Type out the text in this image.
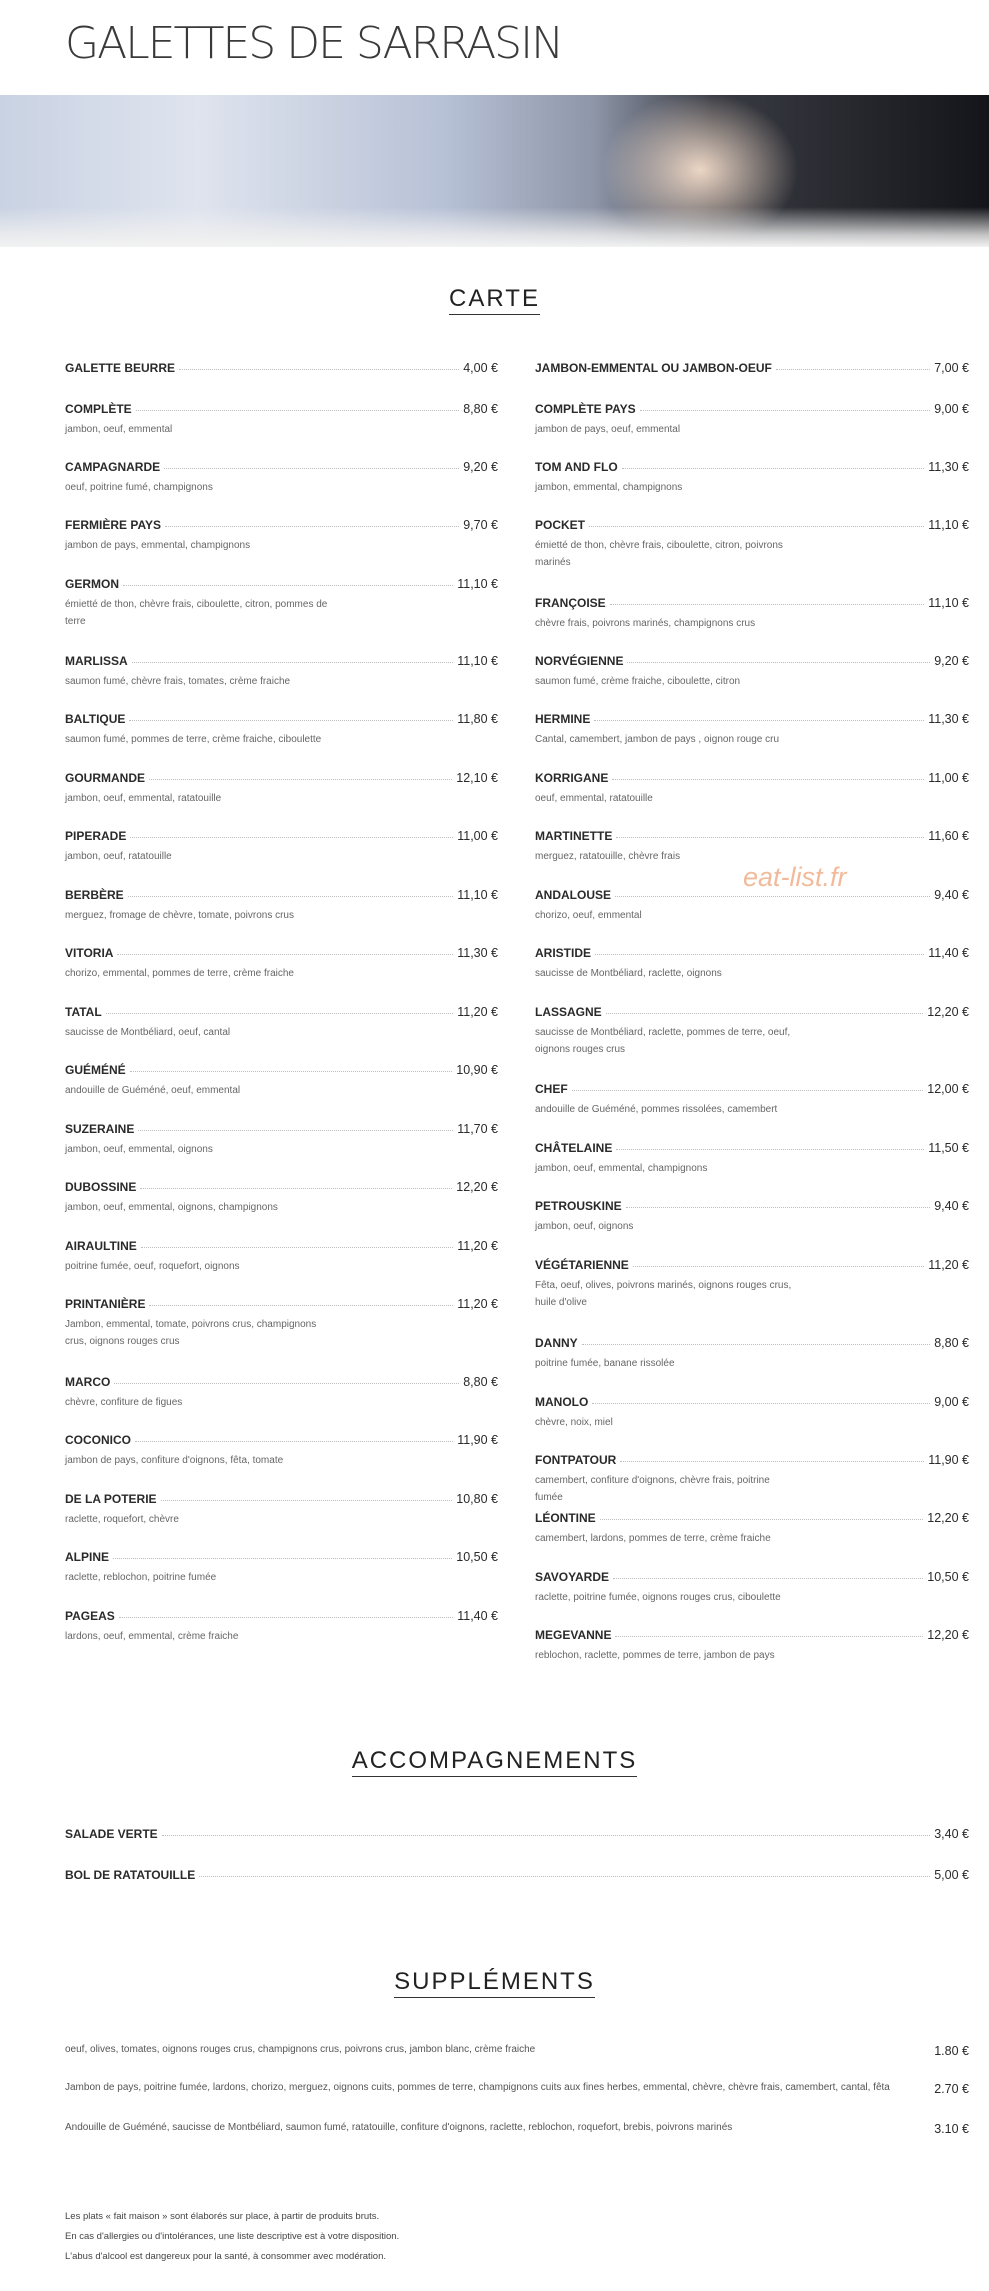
GALETTES DE SARRASIN
CARTE
GALETTE BEURRE	4,00 €
COMPLÈTE	8,80 €
jambon, oeuf, emmental
CAMPAGNARDE	9,20 €
oeuf, poitrine fumé, champignons
FERMIÈRE PAYS	9,70 €
jambon de pays, emmental, champignons
GERMON	11,10 €
émietté de thon, chèvre frais, ciboulette, citron, pommes de terre
MARLISSA	11,10 €
saumon fumé, chèvre frais, tomates, crème fraiche
BALTIQUE	11,80 €
saumon fumé, pommes de terre, crème fraiche, ciboulette
GOURMANDE	12,10 €
jambon, oeuf, emmental, ratatouille
PIPERADE	11,00 €
jambon, oeuf, ratatouille
BERBÈRE	11,10 €
merguez, fromage de chèvre, tomate, poivrons crus
VITORIA	11,30 €
chorizo, emmental, pommes de terre, crème fraiche
TATAL	11,20 €
saucisse de Montbéliard, oeuf, cantal
GUÉMÉNÉ	10,90 €
andouille de Guéméné, oeuf, emmental
SUZERAINE	11,70 €
jambon, oeuf, emmental, oignons
DUBOSSINE	12,20 €
jambon, oeuf, emmental, oignons, champignons
AIRAULTINE	11,20 €
poitrine fumée, oeuf, roquefort, oignons
PRINTANIÈRE	11,20 €
Jambon, emmental, tomate, poivrons crus, champignons crus, oignons rouges crus
MARCO	8,80 €
chèvre, confiture de figues
COCONICO	11,90 €
jambon de pays, confiture d'oignons, fêta, tomate
DE LA POTERIE	10,80 €
raclette, roquefort, chèvre
ALPINE	10,50 €
raclette, reblochon, poitrine fumée
PAGEAS	11,40 €
lardons, oeuf, emmental, crème fraiche
JAMBON-EMMENTAL OU JAMBON-OEUF	7,00 €
COMPLÈTE PAYS	9,00 €
jambon de pays, oeuf, emmental
TOM AND FLO	11,30 €
jambon, emmental, champignons
POCKET	11,10 €
émietté de thon, chèvre frais, ciboulette, citron, poivrons marinés
FRANÇOISE	11,10 €
chèvre frais, poivrons marinés, champignons crus
NORVÉGIENNE	9,20 €
saumon fumé, crème fraiche, ciboulette, citron
HERMINE	11,30 €
Cantal, camembert, jambon de pays , oignon rouge cru
KORRIGANE	11,00 €
oeuf, emmental, ratatouille
MARTINETTE	11,60 €
merguez, ratatouille, chèvre frais
ANDALOUSE	9,40 €
chorizo, oeuf, emmental
ARISTIDE	11,40 €
saucisse de Montbéliard, raclette, oignons
LASSAGNE	12,20 €
saucisse de Montbéliard, raclette, pommes de terre, oeuf, oignons rouges crus
CHEF	12,00 €
andouille de Guéméné, pommes rissolées, camembert
CHÂTELAINE	11,50 €
jambon, oeuf, emmental, champignons
PETROUSKINE	9,40 €
jambon, oeuf, oignons
VÉGÉTARIENNE	11,20 €
Fêta, oeuf, olives, poivrons marinés, oignons rouges crus, huile d'olive
DANNY	8,80 €
poitrine fumée, banane rissolée
MANOLO	9,00 €
chèvre, noix, miel
FONTPATOUR	11,90 €
camembert, confiture d'oignons, chèvre frais, poitrine fumée
LÉONTINE	12,20 €
camembert, lardons, pommes de terre, crème fraiche
SAVOYARDE	10,50 €
raclette, poitrine fumée, oignons rouges crus, ciboulette
MEGEVANNE	12,20 €
reblochon, raclette, pommes de terre, jambon de pays
eat-list.fr
ACCOMPAGNEMENTS
SALADE VERTE	3,40 €
BOL DE RATATOUILLE	5,00 €
SUPPLÉMENTS
oeuf, olives, tomates, oignons rouges crus, champignons crus, poivrons crus, jambon blanc, crème fraiche	1.80 €
Jambon de pays, poitrine fumée, lardons, chorizo, merguez, oignons cuits, pommes de terre, champignons cuits aux fines herbes, emmental, chèvre, chèvre frais, camembert, cantal, fêta	2.70 €
Andouille de Guéméné, saucisse de Montbéliard, saumon fumé, ratatouille, confiture d'oignons, raclette, reblochon, roquefort, brebis, poivrons marinés	3.10 €
Les plats « fait maison » sont élaborés sur place, à partir de produits bruts.
En cas d'allergies ou d'intolérances, une liste descriptive est à votre disposition.
L'abus d'alcool est dangereux pour la santé, à consommer avec modération.
